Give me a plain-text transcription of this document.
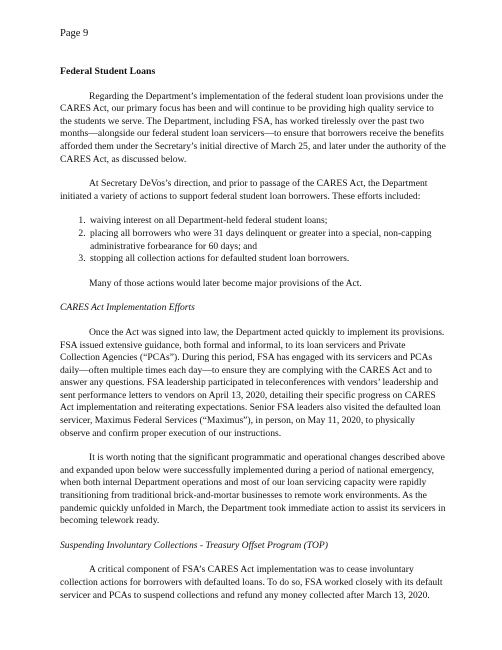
Page 9
Federal Student Loans

Regarding the Department’s implementation of the federal student loan provisions under the CARES Act, our primary focus has been and will continue to be providing high quality service to the students we serve. The Department, including FSA, has worked tirelessly over the past two months—alongside our federal student loan servicers—to ensure that borrowers receive the benefits afforded them under the Secretary’s initial directive of March 25, and later under the authority of the CARES Act, as discussed below.

At Secretary DeVos’s direction, and prior to passage of the CARES Act, the Department initiated a variety of actions to support federal student loan borrowers. These efforts included:

1. waiving interest on all Department-held federal student loans;
2. placing all borrowers who were 31 days delinquent or greater into a special, non-capping administrative forbearance for 60 days; and
3. stopping all collection actions for defaulted student loan borrowers.

Many of those actions would later become major provisions of the Act.

CARES Act Implementation Efforts

Once the Act was signed into law, the Department acted quickly to implement its provisions. FSA issued extensive guidance, both formal and informal, to its loan servicers and Private Collection Agencies (“PCAs”). During this period, FSA has engaged with its servicers and PCAs daily—often multiple times each day—to ensure they are complying with the CARES Act and to answer any questions. FSA leadership participated in teleconferences with vendors’ leadership and sent performance letters to vendors on April 13, 2020, detailing their specific progress on CARES Act implementation and reiterating expectations. Senior FSA leaders also visited the defaulted loan servicer, Maximus Federal Services (“Maximus”), in person, on May 11, 2020, to physically observe and confirm proper execution of our instructions.

It is worth noting that the significant programmatic and operational changes described above and expanded upon below were successfully implemented during a period of national emergency, when both internal Department operations and most of our loan servicing capacity were rapidly transitioning from traditional brick-and-mortar businesses to remote work environments. As the pandemic quickly unfolded in March, the Department took immediate action to assist its servicers in becoming telework ready.

Suspending Involuntary Collections - Treasury Offset Program (TOP)

A critical component of FSA’s CARES Act implementation was to cease involuntary collection actions for borrowers with defaulted loans. To do so, FSA worked closely with its default servicer and PCAs to suspend collections and refund any money collected after March 13, 2020.
